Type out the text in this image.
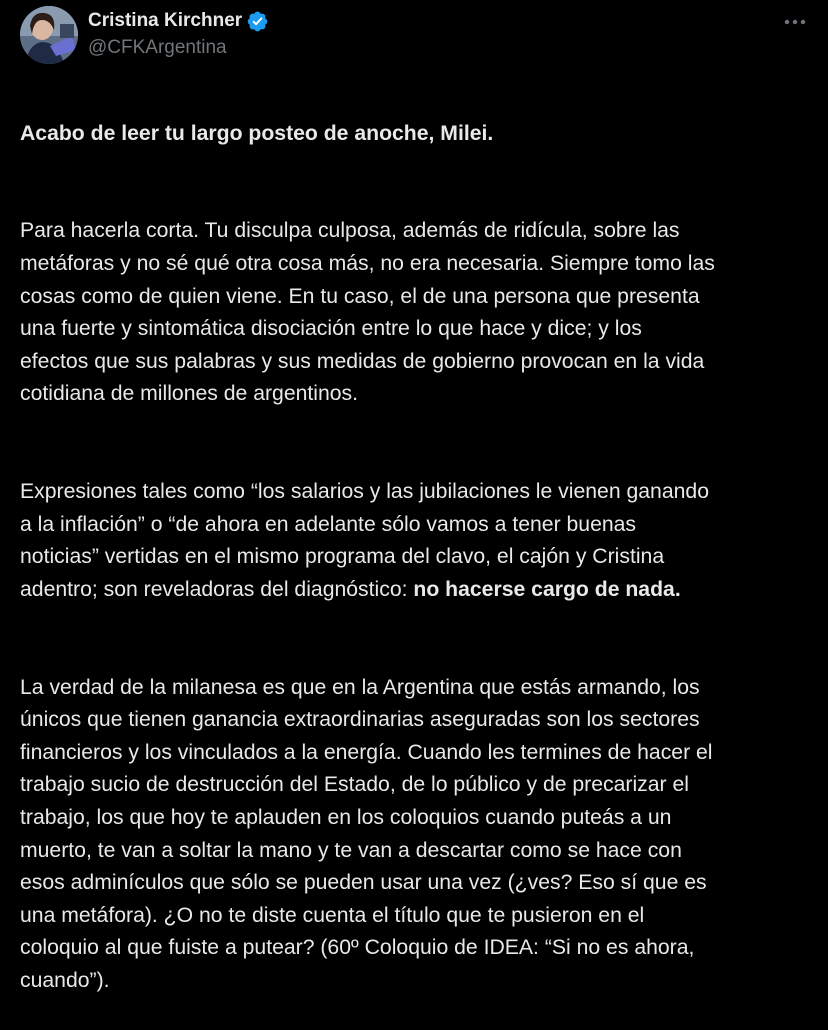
Cristina Kirchner
@CFKArgentina

Acabo de leer tu largo posteo de anoche, Milei.

Para hacerla corta. Tu disculpa culposa, además de ridícula, sobre las
metáforas y no sé qué otra cosa más, no era necesaria. Siempre tomo las
cosas como de quien viene. En tu caso, el de una persona que presenta
una fuerte y sintomática disociación entre lo que hace y dice; y los
efectos que sus palabras y sus medidas de gobierno provocan en la vida
cotidiana de millones de argentinos.

Expresiones tales como “los salarios y las jubilaciones le vienen ganando
a la inflación” o “de ahora en adelante sólo vamos a tener buenas
noticias” vertidas en el mismo programa del clavo, el cajón y Cristina
adentro; son reveladoras del diagnóstico: no hacerse cargo de nada.

La verdad de la milanesa es que en la Argentina que estás armando, los
únicos que tienen ganancia extraordinarias aseguradas son los sectores
financieros y los vinculados a la energía. Cuando les termines de hacer el
trabajo sucio de destrucción del Estado, de lo público y de precarizar el
trabajo, los que hoy te aplauden en los coloquios cuando puteás a un
muerto, te van a soltar la mano y te van a descartar como se hace con
esos adminículos que sólo se pueden usar una vez (¿ves? Eso sí que es
una metáfora). ¿O no te diste cuenta el título que te pusieron en el
coloquio al que fuiste a putear? (60º Coloquio de IDEA: “Si no es ahora,
cuando”).
